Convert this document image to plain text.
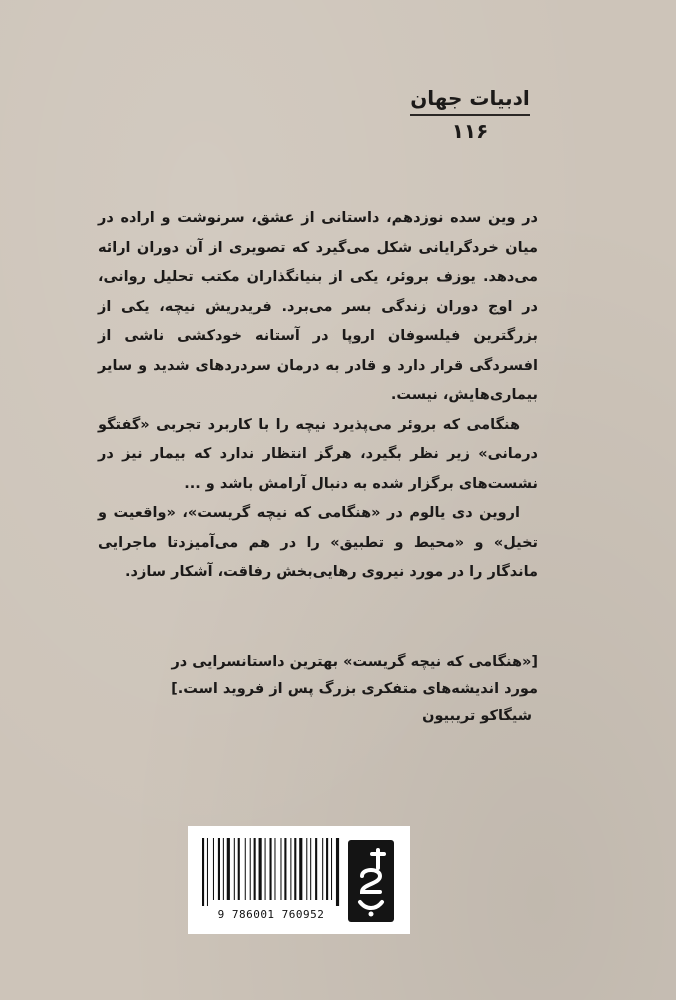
ادبیات جهان
۱۱۶

در وین سده نوزدهم، داستانی از عشق، سرنوشت و اراده در میان خردگرایانی شکل می‌گیرد که تصویری از آن دوران ارائه می‌دهد. یوزف بروئر، یکی از بنیانگذاران مکتب تحلیل روانی، در اوج دوران زندگی بسر می‌برد. فریدریش نیچه، یکی از بزرگترین فیلسوفان اروپا در آستانه خودکشی ناشی از افسردگی قرار دارد و قادر به درمان سردردهای شدید و سایر بیماری‌هایش، نیست.

هنگامی که بروئر می‌پذیرد نیچه را با کاربرد تجربی «گفتگو درمانی» زیر نظر بگیرد، هرگز انتظار ندارد که بیمار نیز در نشست‌های برگزار شده به دنبال آرامش باشد و ...

اروین دی یالوم در «هنگامی که نیچه گریست»، «واقعیت و تخیل» و «محیط و تطبیق» را در هم می‌آمیزدتا ماجرایی ماندگار را در مورد نیروی رهایی‌بخش رفاقت، آشکار سازد.

[«هنگامی که نیچه گریست» بهترین داستانسرایی در مورد اندیشه‌های متفکری بزرگ پس از فروید است.]

شیگاکو تریبیون

9 786001 760952
